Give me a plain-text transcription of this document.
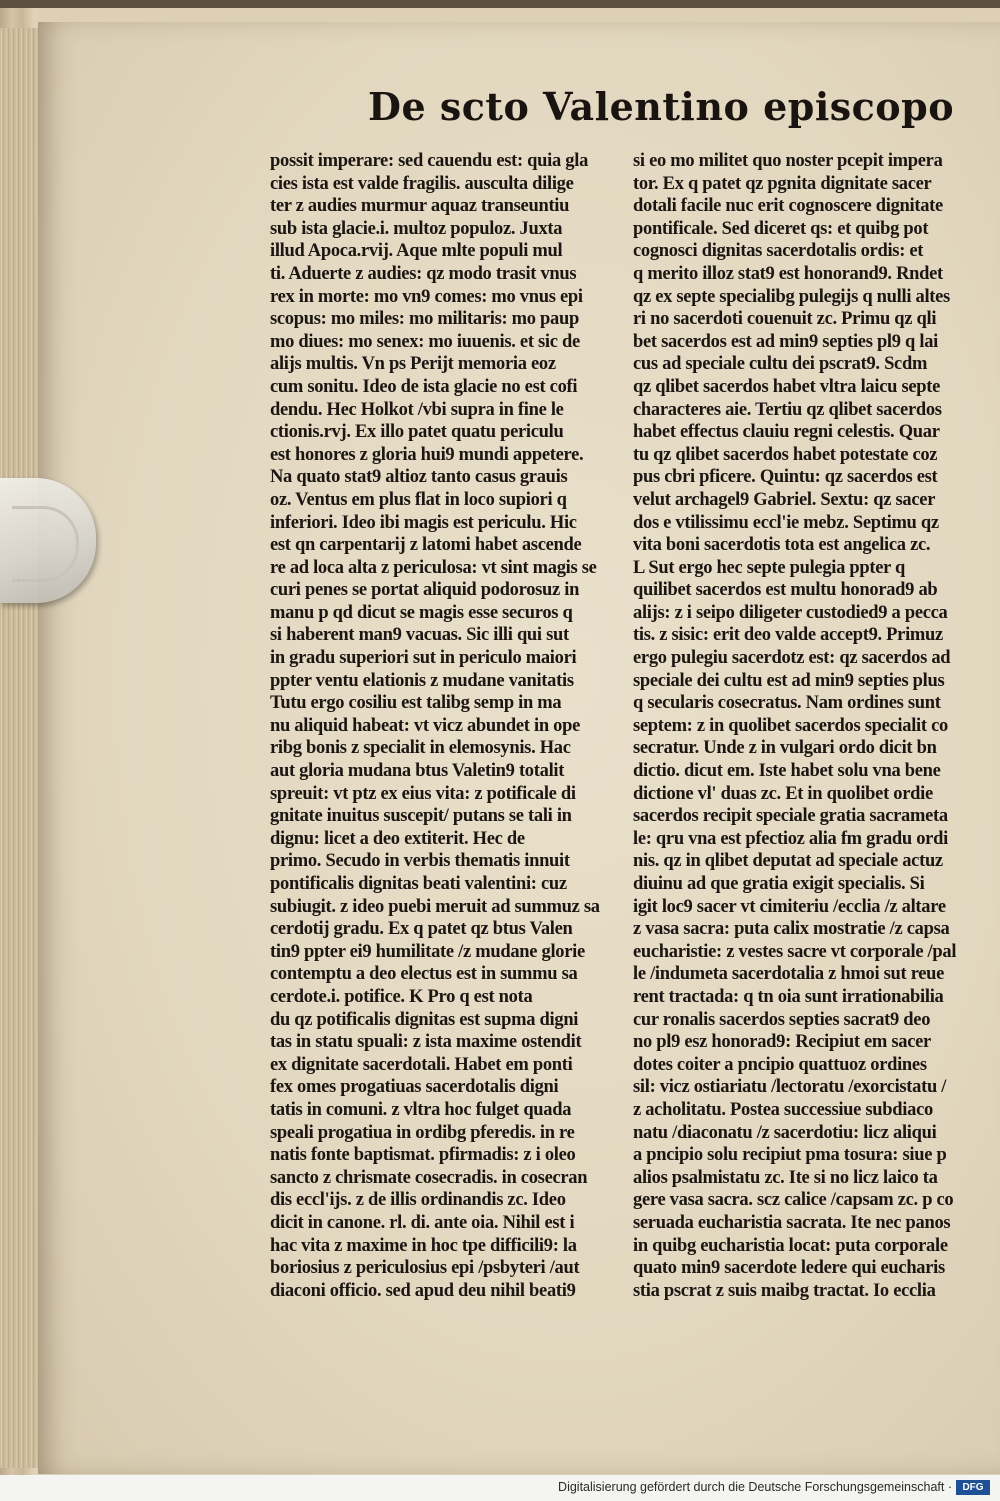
De scto Valentino episcopo
possit imperare: sed cauendu est: quia gla
cies ista est valde fragilis. ausculta dilige
ter z audies murmur aquaz transeuntiu
sub ista glacie.i. multoz populoz. Juxta
illud Apoca.rvij. Aque mlte populi mul
ti. Aduerte z audies: qz modo trasit vnus
rex in morte: mo vn9 comes: mo vnus epi
scopus: mo miles: mo militaris: mo paup
mo diues: mo senex: mo iuuenis. et sic de
alijs multis. Vn ps Perijt memoria eoz
cum sonitu. Ideo de ista glacie no est cofi
dendu. Hec Holkot /vbi supra in fine le
ctionis.rvj. Ex illo patet quatu periculu
est honores z gloria hui9 mundi appetere.
Na quato stat9 altioz tanto casus grauis
oz. Ventus em plus flat in loco supiori q
inferiori. Ideo ibi magis est periculu. Hic
est qn carpentarij z latomi habet ascende
re ad loca alta z periculosa: vt sint magis se
curi penes se portat aliquid podorosuz in
manu p qd dicut se magis esse securos q
si haberent man9 vacuas. Sic illi qui sut
in gradu superiori sut in periculo maiori
ppter ventu elationis z mudane vanitatis
Tutu ergo cosiliu est talibg semp in ma
nu aliquid habeat: vt vicz abundet in ope
ribg bonis z specialit in elemosynis. Hac
aut gloria mudana btus Valetin9 totalit
spreuit: vt ptz ex eius vita: z potificale di
gnitate inuitus suscepit/ putans se tali in
dignu: licet a deo extiterit. Hec de
primo. Secudo in verbis thematis innuit
pontificalis dignitas beati valentini: cuz
subiugit. z ideo puebi meruit ad summuz sa
cerdotij gradu. Ex q patet qz btus Valen
tin9 ppter ei9 humilitate /z mudane glorie
contemptu a deo electus est in summu sa
cerdote.i. potifice. K Pro q est nota
du qz potificalis dignitas est supma digni
tas in statu spuali: z ista maxime ostendit
ex dignitate sacerdotali. Habet em ponti
fex omes progatiuas sacerdotalis digni
tatis in comuni. z vltra hoc fulget quada
speali progatiua in ordibg pferedis. in re
natis fonte baptismat. pfirmadis: z i oleo
sancto z chrismate cosecradis. in cosecran
dis eccl'ijs. z de illis ordinandis zc. Ideo
dicit in canone. rl. di. ante oia. Nihil est i
hac vita z maxime in hoc tpe difficili9: la
boriosius z periculosius epi /psbyteri /aut
diaconi officio. sed apud deu nihil beati9
si eo mo militet quo noster pcepit impera
tor. Ex q patet qz pgnita dignitate sacer
dotali facile nuc erit cognoscere dignitate
pontificale. Sed diceret qs: et quibg pot
cognosci dignitas sacerdotalis ordis: et
q merito illoz stat9 est honorand9. Rndet
qz ex septe specialibg pulegijs q nulli altes
ri no sacerdoti couenuit zc. Primu qz qli
bet sacerdos est ad min9 septies pl9 q lai
cus ad speciale cultu dei pscrat9. Scdm
qz qlibet sacerdos habet vltra laicu septe
characteres aie. Tertiu qz qlibet sacerdos
habet effectus clauiu regni celestis. Quar
tu qz qlibet sacerdos habet potestate coz
pus cbri pficere. Quintu: qz sacerdos est
velut archagel9 Gabriel. Sextu: qz sacer
dos e vtilissimu eccl'ie mebz. Septimu qz
vita boni sacerdotis tota est angelica zc.
L Sut ergo hec septe pulegia ppter q
quilibet sacerdos est multu honorad9 ab
alijs: z i seipo diligeter custodied9 a pecca
tis. z sisic: erit deo valde accept9. Primuz
ergo pulegiu sacerdotz est: qz sacerdos ad
speciale dei cultu est ad min9 septies plus
q secularis cosecratus. Nam ordines sunt
septem: z in quolibet sacerdos specialit co
secratur. Unde z in vulgari ordo dicit bn
dictio. dicut em. Iste habet solu vna bene
dictione vl' duas zc. Et in quolibet ordie
sacerdos recipit speciale gratia sacrameta
le: qru vna est pfectioz alia fm gradu ordi
nis. qz in qlibet deputat ad speciale actuz
diuinu ad que gratia exigit specialis. Si
igit loc9 sacer vt cimiteriu /ecclia /z altare
z vasa sacra: puta calix mostratie /z capsa
eucharistie: z vestes sacre vt corporale /pal
le /indumeta sacerdotalia z hmoi sut reue
rent tractada: q tn oia sunt irrationabilia
cur ronalis sacerdos septies sacrat9 deo
no pl9 esz honorad9: Recipiut em sacer
dotes coiter a pncipio quattuoz ordines
sil: vicz ostiariatu /lectoratu /exorcistatu /
z acholitatu. Postea successiue subdiaco
natu /diaconatu /z sacerdotiu: licz aliqui
a pncipio solu recipiut pma tosura: siue p
alios psalmistatu zc. Ite si no licz laico ta
gere vasa sacra. scz calice /capsam zc. p co
seruada eucharistia sacrata. Ite nec panos
in quibg eucharistia locat: puta corporale
quato min9 sacerdote ledere qui eucharis
stia pscrat z suis maibg tractat. Io ecclia
Digitalisierung gefördert durch die Deutsche Forschungsgemeinschaft ·	DFG
